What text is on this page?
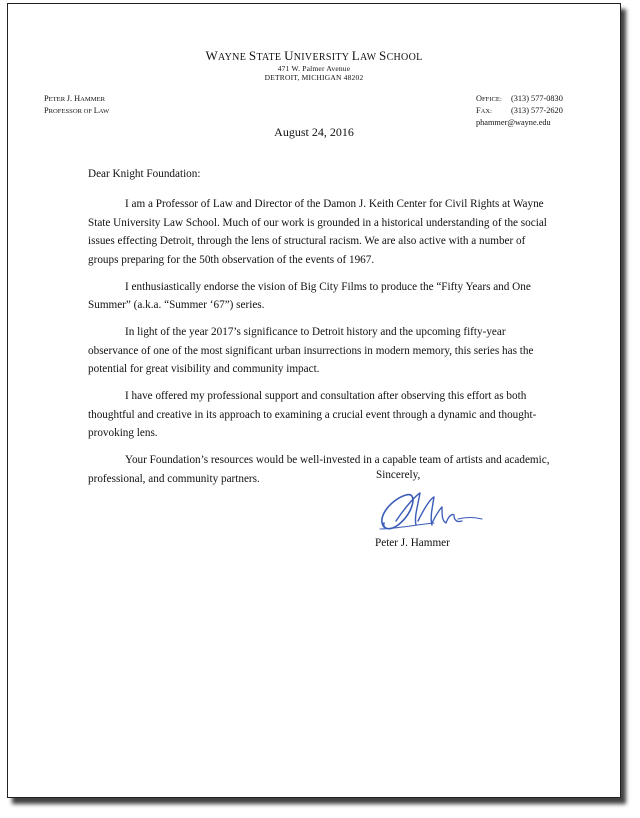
WAYNE STATE UNIVERSITY LAW SCHOOL
471 W. Palmer Avenue
DETROIT, MICHIGAN 48202
PETER J. HAMMER
PROFESSOR OF LAW
OFFICE:	(313) 577-0830
FAX:	(313) 577-2620
phammer@wayne.edu
August 24, 2016

Dear Knight Foundation:

I am a Professor of Law and Director of the Damon J. Keith Center for Civil Rights at Wayne State University Law School. Much of our work is grounded in a historical understanding of the social issues effecting Detroit, through the lens of structural racism. We are also active with a number of groups preparing for the 50th observation of the events of 1967.

I enthusiastically endorse the vision of Big City Films to produce the “Fifty Years and One Summer” (a.k.a. “Summer ‘67”) series.

In light of the year 2017’s significance to Detroit history and the upcoming fifty-year observance of one of the most significant urban insurrections in modern memory, this series has the potential for great visibility and community impact.

I have offered my professional support and consultation after observing this effort as both thoughtful and creative in its approach to examining a crucial event through a dynamic and thought-provoking lens.

Your Foundation’s resources would be well-invested in a capable team of artists and academic, professional, and community partners.	Sincerely,
Peter J. Hammer
